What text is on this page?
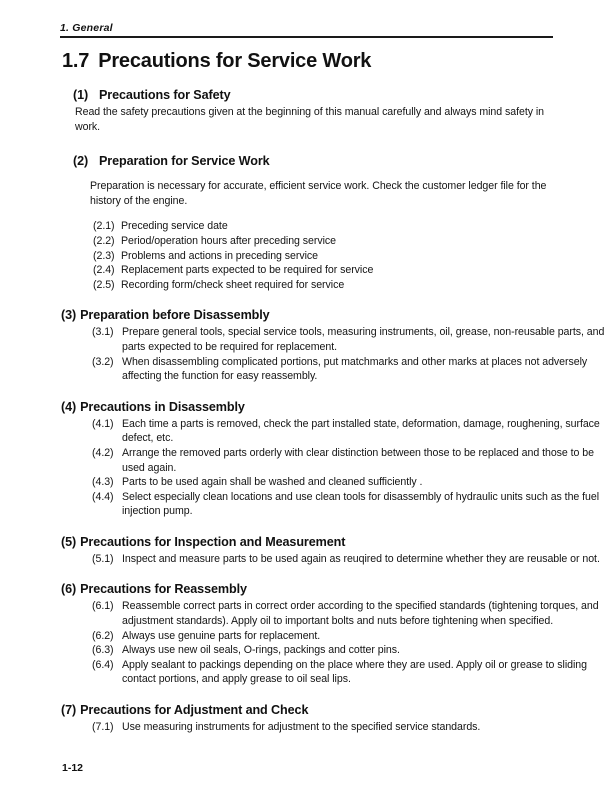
1. General
1.7 Precautions for Service Work
(1) Precautions for Safety
Read the safety precautions given at the beginning of this manual carefully and always mind safety in work.
(2) Preparation for Service Work
Preparation is necessary for accurate, efficient service work. Check the customer ledger file for the history of the engine.
(2.1) Preceding service date
(2.2) Period/operation hours after preceding service
(2.3) Problems and actions in preceding service
(2.4) Replacement parts expected to be required for service
(2.5) Recording form/check sheet required for service
(3) Preparation before Disassembly
(3.1) Prepare general tools, special service tools, measuring instruments, oil, grease, non-reusable parts, and parts expected to be required for replacement.
(3.2) When disassembling complicated portions, put matchmarks and other marks at places not adversely affecting the function for easy reassembly.
(4) Precautions in Disassembly
(4.1) Each time a parts is removed, check the part installed state, deformation, damage, roughening, surface defect, etc.
(4.2) Arrange the removed parts orderly with clear distinction between those to be replaced and those to be used again.
(4.3) Parts to be used again shall be washed and cleaned sufficiently .
(4.4) Select especially clean locations and use clean tools for disassembly of hydraulic units such as the fuel injection pump.
(5) Precautions for Inspection and Measurement
(5.1) Inspect and measure parts to be used again as reuqired to determine whether they are reusable or not.
(6) Precautions for Reassembly
(6.1) Reassemble correct parts in correct order according to the specified standards (tightening torques, and adjustment standards). Apply oil to important bolts and nuts before tightening when specified.
(6.2) Always use genuine parts for replacement.
(6.3) Always use new oil seals, O-rings, packings and cotter pins.
(6.4) Apply sealant to packings depending on the place where they are used. Apply oil or grease to sliding contact portions, and apply grease to oil seal lips.
(7) Precautions for Adjustment and Check
(7.1) Use measuring instruments for adjustment to the specified service standards.
1-12
